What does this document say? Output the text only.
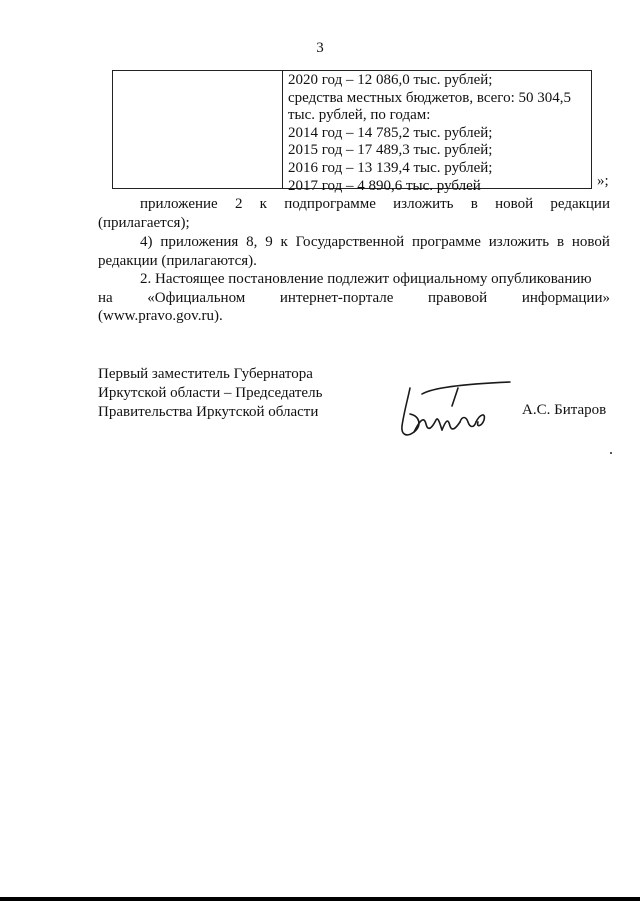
3
2020 год – 12 086,0 тыс. рублей;
средства местных бюджетов, всего: 50 304,5
тыс. рублей, по годам:
2014 год – 14 785,2 тыс. рублей;
2015 год – 17 489,3 тыс. рублей;
2016 год – 13 139,4 тыс. рублей;
2017 год – 4 890,6 тыс. рублей	»;
приложение 2 к подпрограмме изложить в новой редакции
(прилагается);
4) приложения 8, 9 к Государственной программе изложить в новой
редакции (прилагаются).
2. Настоящее постановление подлежит официальному опубликованию
на «Официальном интернет-портале правовой информации»
(www.pravo.gov.ru).
Первый заместитель Губернатора
Иркутской области – Председатель
Правительства Иркутской области	А.С. Битаров
